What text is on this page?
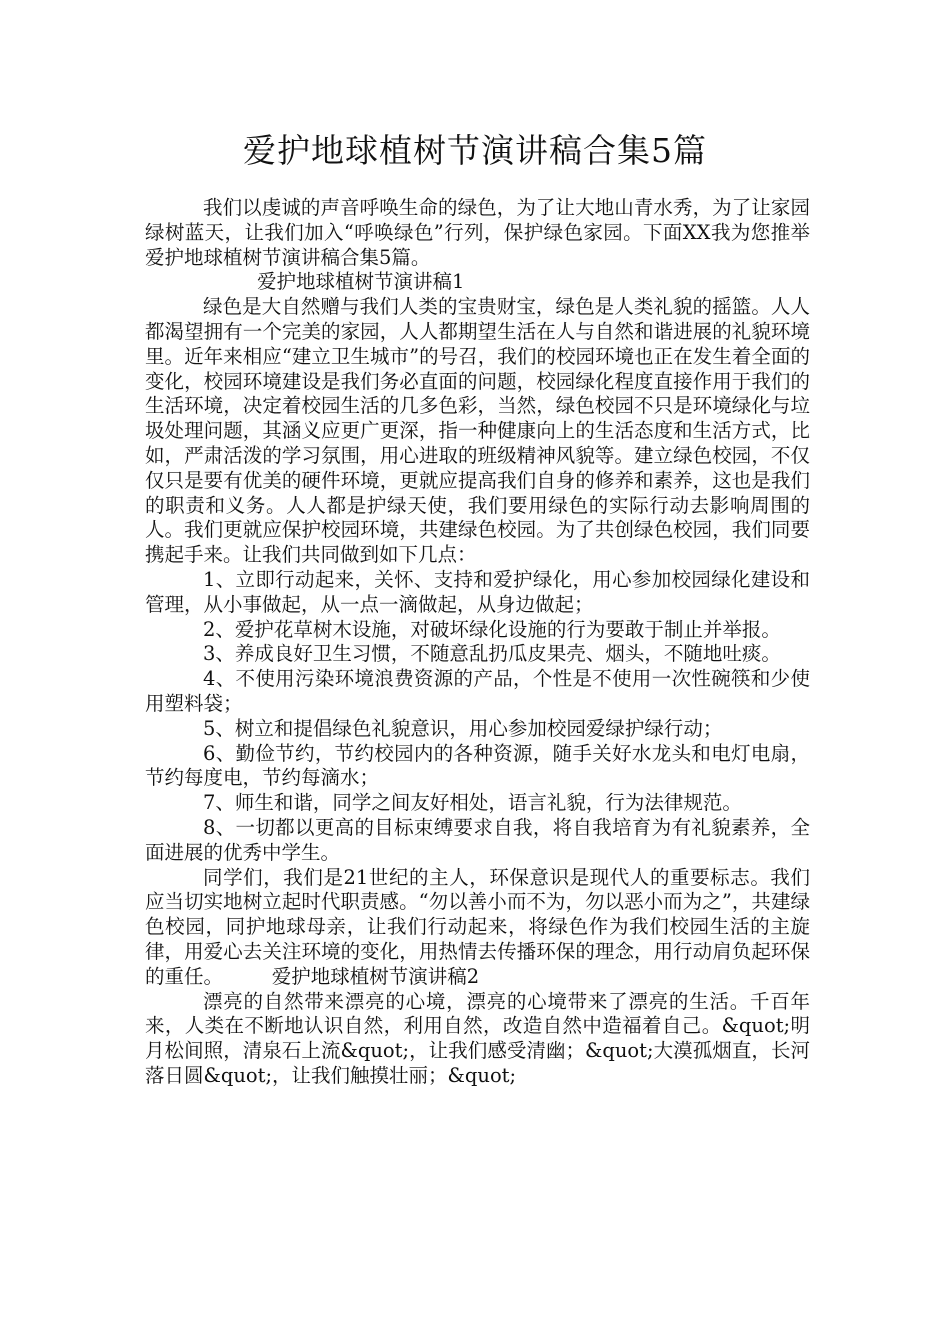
爱护地球植树节演讲稿合集5篇

我们以虔诚的声音呼唤生命的绿色，为了让大地山青水秀，为了让家园绿树蓝天，让我们加入“呼唤绿色”行列，保护绿色家园。下面XX我为您推举爱护地球植树节演讲稿合集5篇。

爱护地球植树节演讲稿1

绿色是大自然赠与我们人类的宝贵财宝，绿色是人类礼貌的摇篮。人人都渴望拥有一个完美的家园，人人都期望生活在人与自然和谐进展的礼貌环境里。近年来相应“建立卫生城市”的号召，我们的校园环境也正在发生着全面的变化，校园环境建设是我们务必直面的问题，校园绿化程度直接作用于我们的生活环境，决定着校园生活的几多色彩，当然，绿色校园不只是环境绿化与垃圾处理问题，其涵义应更广更深，指一种健康向上的生活态度和生活方式，比如，严肃活泼的学习氛围，用心进取的班级精神风貌等。建立绿色校园，不仅仅只是要有优美的硬件环境，更就应提高我们自身的修养和素养，这也是我们的职责和义务。人人都是护绿天使，我们要用绿色的实际行动去影响周围的人。我们更就应保护校园环境，共建绿色校园。为了共创绿色校园，我们同要携起手来。让我们共同做到如下几点：

1、立即行动起来，关怀、支持和爱护绿化，用心参加校园绿化建设和管理，从小事做起，从一点一滴做起，从身边做起；

2、爱护花草树木设施，对破坏绿化设施的行为要敢于制止并举报。

3、养成良好卫生习惯，不随意乱扔瓜皮果壳、烟头，不随地吐痰。

4、不使用污染环境浪费资源的产品，个性是不使用一次性碗筷和少使用塑料袋；

5、树立和提倡绿色礼貌意识，用心参加校园爱绿护绿行动；

6、勤俭节约，节约校园内的各种资源，随手关好水龙头和电灯电扇，节约每度电，节约每滴水；

7、师生和谐，同学之间友好相处，语言礼貌，行为法律规范。

8、一切都以更高的目标束缚要求自我，将自我培育为有礼貌素养，全面进展的优秀中学生。

同学们，我们是21世纪的主人，环保意识是现代人的重要标志。我们应当切实地树立起时代职责感。“勿以善小而不为，勿以恶小而为之”，共建绿色校园，同护地球母亲，让我们行动起来，将绿色作为我们校园生活的主旋律，用爱心去关注环境的变化，用热情去传播环保的理念，用行动肩负起环保的重任。　　　	爱护地球植树节演讲稿2

漂亮的自然带来漂亮的心境，漂亮的心境带来了漂亮的生活。千百年来，人类在不断地认识自然，利用自然，改造自然中造福着自己。&quot;明月松间照，清泉石上流&quot;，让我们感受清幽；&quot;大漠孤烟直，长河落日圆&quot;，让我们触摸壮丽；&quot;
